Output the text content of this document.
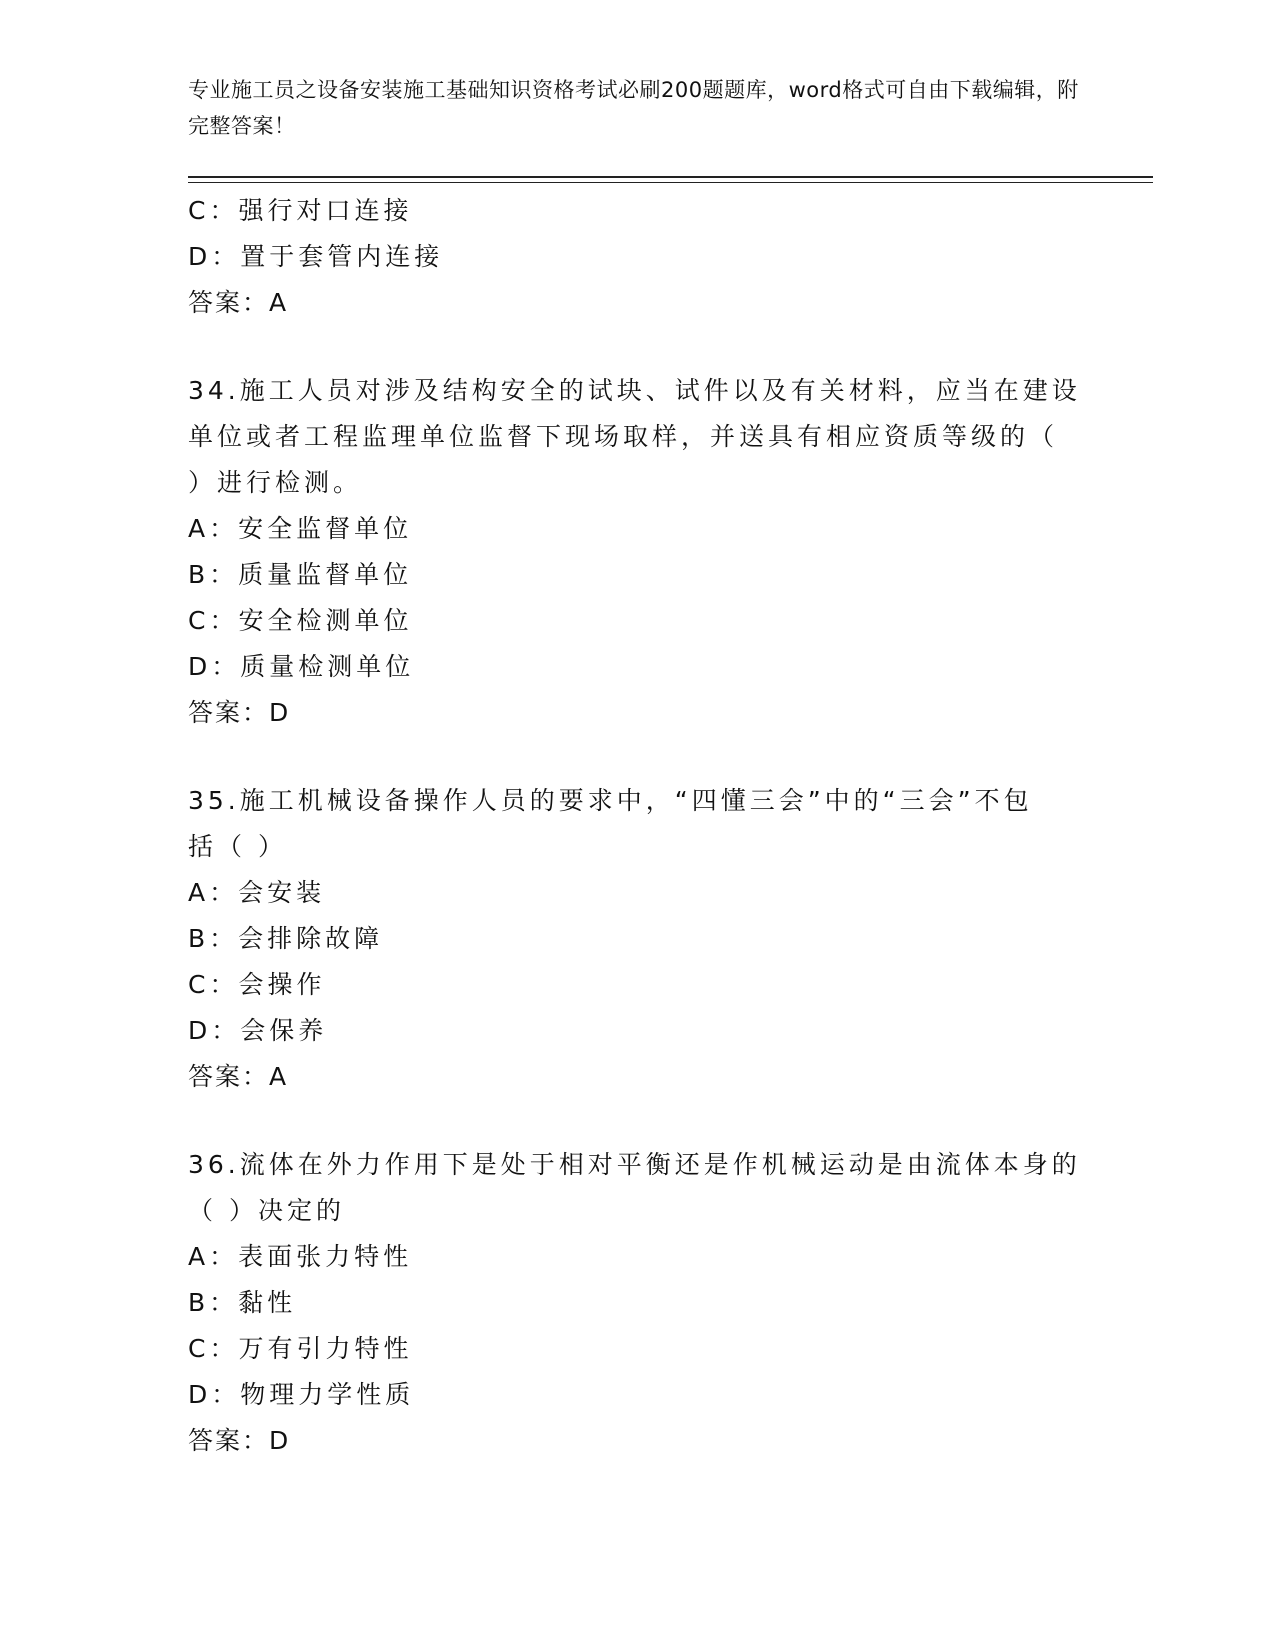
专业施工员之设备安装施工基础知识资格考试必刷200题题库，word格式可自由下载编辑，附完整答案！
C：强行对口连接
D：置于套管内连接
答案：A
34.施工人员对涉及结构安全的试块、试件以及有关材料，应当在建设
单位或者工程监理单位监督下现场取样，并送具有相应资质等级的（
）进行检测。
A：安全监督单位
B：质量监督单位
C：安全检测单位
D：质量检测单位
答案：D
35.施工机械设备操作人员的要求中，“四懂三会”中的“三会”不包
括（ ）
A：会安装
B：会排除故障
C：会操作
D：会保养
答案：A
36.流体在外力作用下是处于相对平衡还是作机械运动是由流体本身的
（ ）决定的
A：表面张力特性
B：黏性
C：万有引力特性
D：物理力学性质
答案：D
